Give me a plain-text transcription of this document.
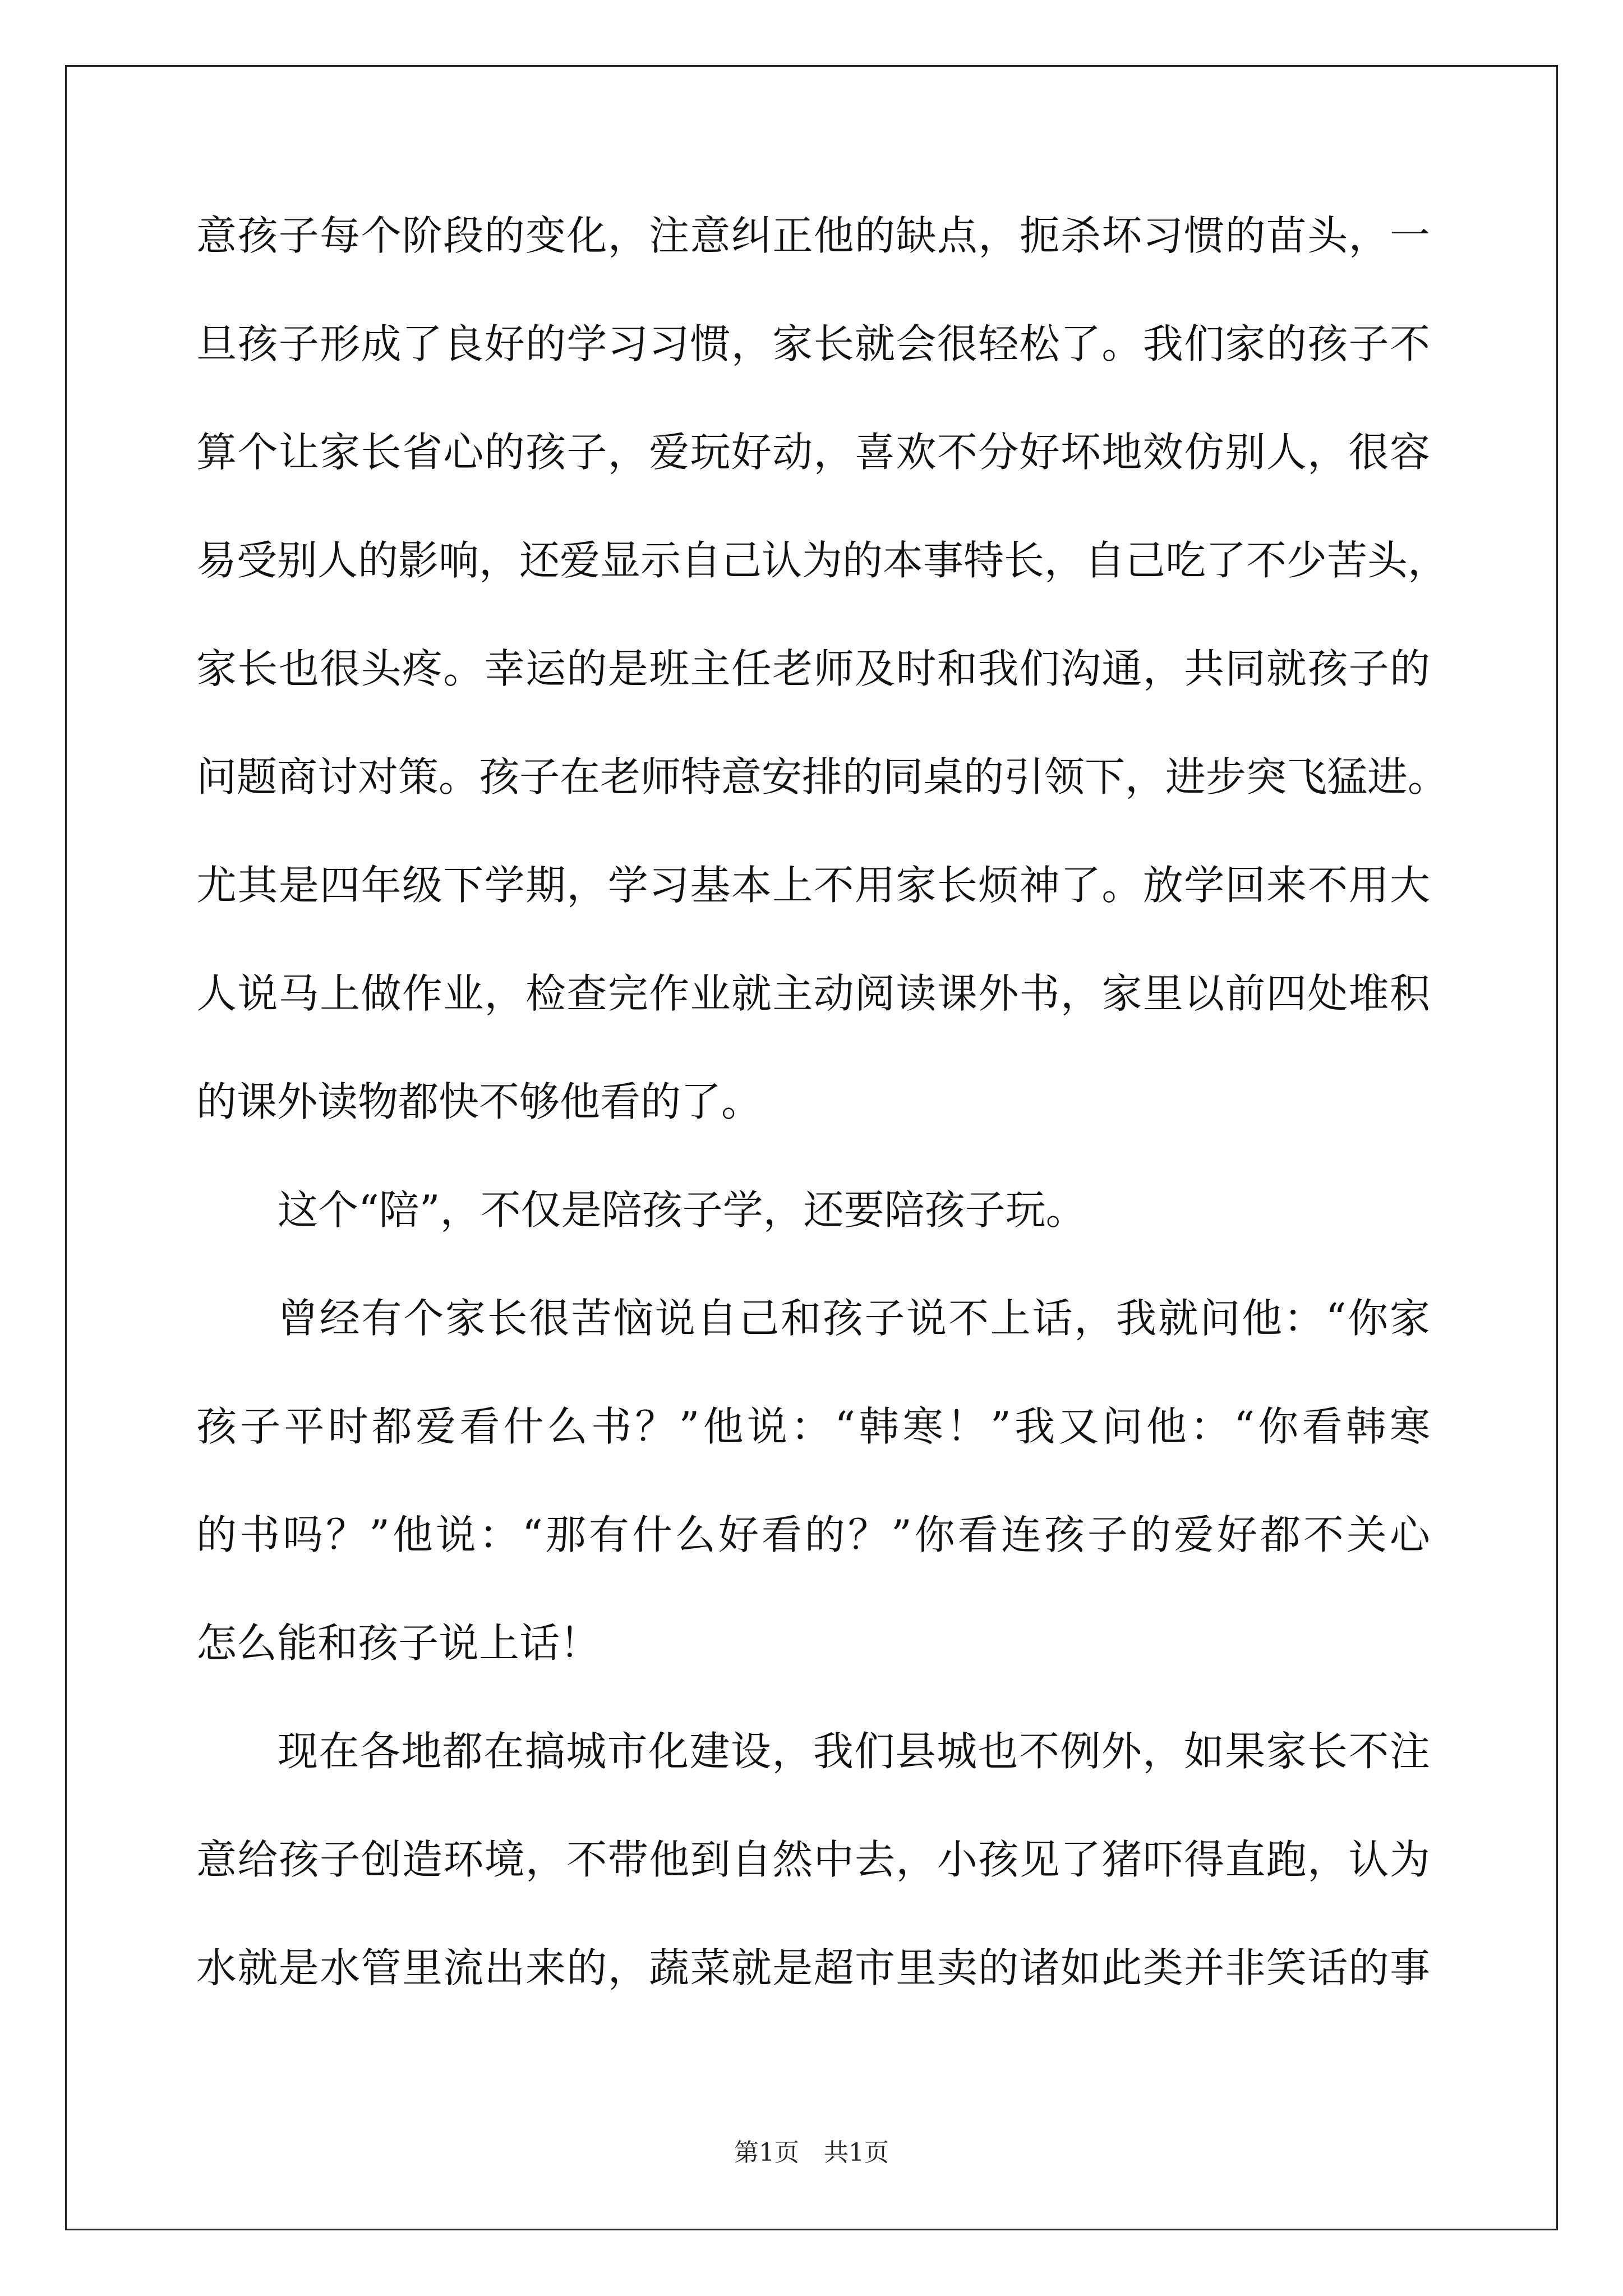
意孩子每个阶段的变化，注意纠正他的缺点，扼杀坏习惯的苗头，一
旦孩子形成了良好的学习习惯，家长就会很轻松了。我们家的孩子不
算个让家长省心的孩子，爱玩好动，喜欢不分好坏地效仿别人，很容
易受别人的影响，还爱显示自己认为的本事特长，自己吃了不少苦头，
家长也很头疼。幸运的是班主任老师及时和我们沟通，共同就孩子的
问题商讨对策。孩子在老师特意安排的同桌的引领下，进步突飞猛进。
尤其是四年级下学期，学习基本上不用家长烦神了。放学回来不用大
人说马上做作业，检查完作业就主动阅读课外书，家里以前四处堆积
的课外读物都快不够他看的了。
这个“陪”，不仅是陪孩子学，还要陪孩子玩。
曾经有个家长很苦恼说自己和孩子说不上话，我就问他：“你家
孩子平时都爱看什么书？”他说：“韩寒！”我又问他：“你看韩寒
的书吗？”他说：“那有什么好看的？”你看连孩子的爱好都不关心
怎么能和孩子说上话！
现在各地都在搞城市化建设，我们县城也不例外，如果家长不注
意给孩子创造环境，不带他到自然中去，小孩见了猪吓得直跑，认为
水就是水管里流出来的，蔬菜就是超市里卖的诸如此类并非笑话的事
第1页　共1页
